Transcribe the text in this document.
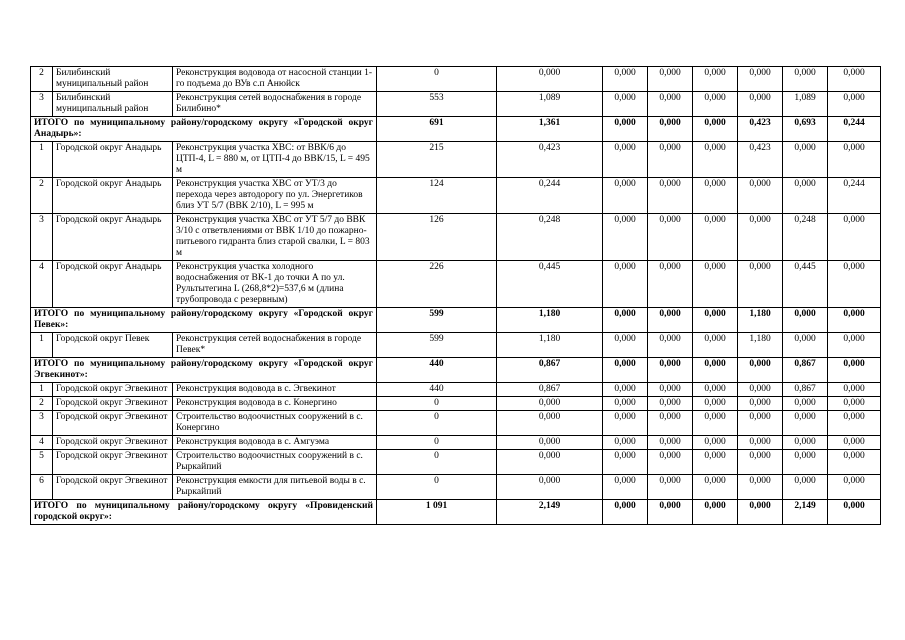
2	Билибинский муниципальный район	Реконструкция водовода от насосной станции 1-го подъема до ВУв с.п Анюйск	0	0,000	0,000	0,000	0,000	0,000	0,000	0,000
3	Билибинский муниципальный район	Реконструкция сетей водоснабжения в городе Билибино*	553	1,089	0,000	0,000	0,000	0,000	1,089	0,000
ИТОГО по муниципальному району/городскому округу «Городской округ Анадырь»:			691	1,361	0,000	0,000	0,000	0,423	0,693	0,244
1	Городской округ Анадырь	Реконструкция участка ХВС: от ВВК/6 до ЦТП-4, L = 880 м, от ЦТП-4 до ВВК/15, L = 495 м	215	0,423	0,000	0,000	0,000	0,423	0,000	0,000
2	Городской округ Анадырь	Реконструкция участка ХВС от УТ/3 до перехода через автодорогу по ул. Энергетиков близ УТ 5/7 (ВВК 2/10), L = 995 м	124	0,244	0,000	0,000	0,000	0,000	0,000	0,244
3	Городской округ Анадырь	Реконструкция участка ХВС от УТ 5/7 до ВВК 3/10 с ответвлениями от ВВК 1/10 до пожарно-питьевого гидранта близ старой свалки, L = 803 м	126	0,248	0,000	0,000	0,000	0,000	0,248	0,000
4	Городской округ Анадырь	Реконструкция участка холодного водоснабжения от ВК-1 до точки А по ул. Рультытегина L (268,8*2)=537,6 м (длина трубопровода с резервным)	226	0,445	0,000	0,000	0,000	0,000	0,445	0,000
ИТОГО по муниципальному району/городскому округу «Городской округ Певек»:			599	1,180	0,000	0,000	0,000	1,180	0,000	0,000
1	Городской округ Певек	Реконструкция сетей водоснабжения в городе Певек*	599	1,180	0,000	0,000	0,000	1,180	0,000	0,000
ИТОГО по муниципальному району/городскому округу «Городской округ Эгвекинот»:			440	0,867	0,000	0,000	0,000	0,000	0,867	0,000
1	Городской округ Эгвекинот	Реконструкция водовода в с. Эгвекинот	440	0,867	0,000	0,000	0,000	0,000	0,867	0,000
2	Городской округ Эгвекинот	Реконструкция водовода в с. Конергино	0	0,000	0,000	0,000	0,000	0,000	0,000	0,000
3	Городской округ Эгвекинот	Строительство водоочистных сооружений в с. Конергино	0	0,000	0,000	0,000	0,000	0,000	0,000	0,000
4	Городской округ Эгвекинот	Реконструкция водовода в с. Амгуэма	0	0,000	0,000	0,000	0,000	0,000	0,000	0,000
5	Городской округ Эгвекинот	Строительство водоочистных сооружений в с. Рыркайпий	0	0,000	0,000	0,000	0,000	0,000	0,000	0,000
6	Городской округ Эгвекинот	Реконструкция емкости для питьевой воды в с. Рыркайпий	0	0,000	0,000	0,000	0,000	0,000	0,000	0,000
ИТОГО по муниципальному району/городскому округу «Провиденский городской округ»:			1 091	2,149	0,000	0,000	0,000	0,000	2,149	0,000
